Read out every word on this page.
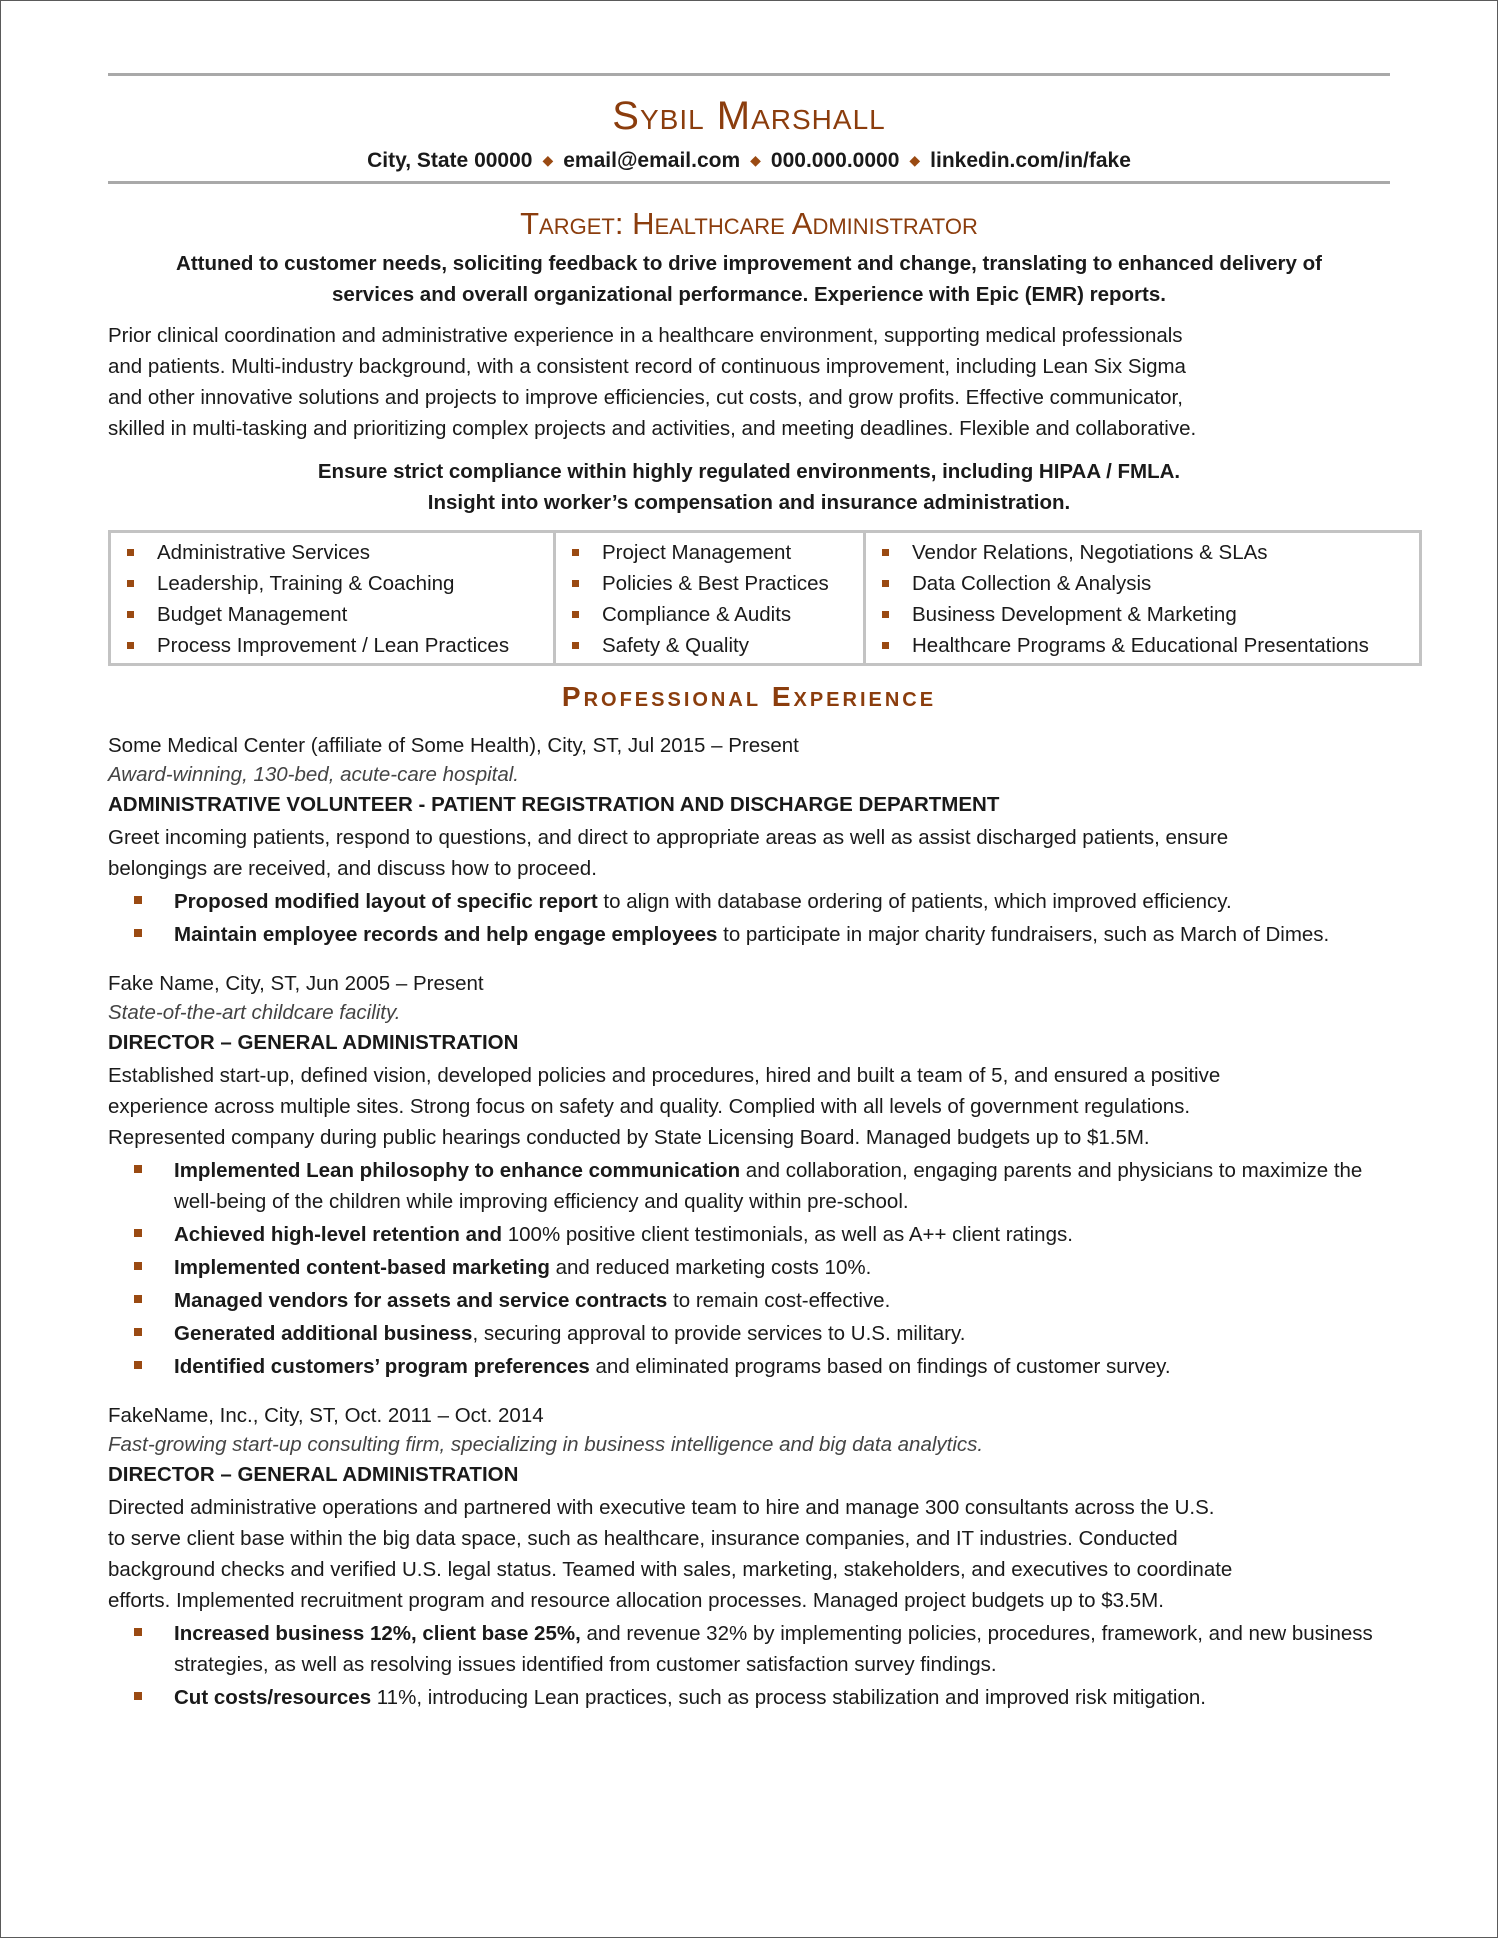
Sybil Marshall
City, State 00000 ◆ email@email.com ◆ 000.000.0000 ◆ linkedin.com/in/fake
Target: Healthcare Administrator
Attuned to customer needs, soliciting feedback to drive improvement and change, translating to enhanced delivery of
services and overall organizational performance. Experience with Epic (EMR) reports.
Prior clinical coordination and administrative experience in a healthcare environment, supporting medical professionals
and patients. Multi-industry background, with a consistent record of continuous improvement, including Lean Six Sigma
and other innovative solutions and projects to improve efficiencies, cut costs, and grow profits. Effective communicator,
skilled in multi-tasking and prioritizing complex projects and activities, and meeting deadlines. Flexible and collaborative.
Ensure strict compliance within highly regulated environments, including HIPAA / FMLA.
Insight into worker’s compensation and insurance administration.
Administrative Services
Leadership, Training & Coaching
Budget Management
Process Improvement / Lean Practices
Project Management
Policies & Best Practices
Compliance & Audits
Safety & Quality
Vendor Relations, Negotiations & SLAs
Data Collection & Analysis
Business Development & Marketing
Healthcare Programs & Educational Presentations
Professional Experience
Some Medical Center (affiliate of Some Health), City, ST, Jul 2015 – Present
Award-winning, 130-bed, acute-care hospital.
ADMINISTRATIVE VOLUNTEER - PATIENT REGISTRATION AND DISCHARGE DEPARTMENT
Greet incoming patients, respond to questions, and direct to appropriate areas as well as assist discharged patients, ensure
belongings are received, and discuss how to proceed.
Proposed modified layout of specific report to align with database ordering of patients, which improved efficiency.
Maintain employee records and help engage employees to participate in major charity fundraisers, such as March of Dimes.
Fake Name, City, ST, Jun 2005 – Present
State-of-the-art childcare facility.
DIRECTOR – GENERAL ADMINISTRATION
Established start-up, defined vision, developed policies and procedures, hired and built a team of 5, and ensured a positive
experience across multiple sites. Strong focus on safety and quality. Complied with all levels of government regulations.
Represented company during public hearings conducted by State Licensing Board. Managed budgets up to $1.5M.
Implemented Lean philosophy to enhance communication and collaboration, engaging parents and physicians to maximize the well-being of the children while improving efficiency and quality within pre-school.
Achieved high-level retention and 100% positive client testimonials, as well as A++ client ratings.
Implemented content-based marketing and reduced marketing costs 10%.
Managed vendors for assets and service contracts to remain cost-effective.
Generated additional business, securing approval to provide services to U.S. military.
Identified customers’ program preferences and eliminated programs based on findings of customer survey.
FakeName, Inc., City, ST, Oct. 2011 – Oct. 2014
Fast-growing start-up consulting firm, specializing in business intelligence and big data analytics.
DIRECTOR – GENERAL ADMINISTRATION
Directed administrative operations and partnered with executive team to hire and manage 300 consultants across the U.S.
to serve client base within the big data space, such as healthcare, insurance companies, and IT industries. Conducted
background checks and verified U.S. legal status. Teamed with sales, marketing, stakeholders, and executives to coordinate
efforts. Implemented recruitment program and resource allocation processes. Managed project budgets up to $3.5M.
Increased business 12%, client base 25%, and revenue 32% by implementing policies, procedures, framework, and new business strategies, as well as resolving issues identified from customer satisfaction survey findings.
Cut costs/resources 11%, introducing Lean practices, such as process stabilization and improved risk mitigation.
